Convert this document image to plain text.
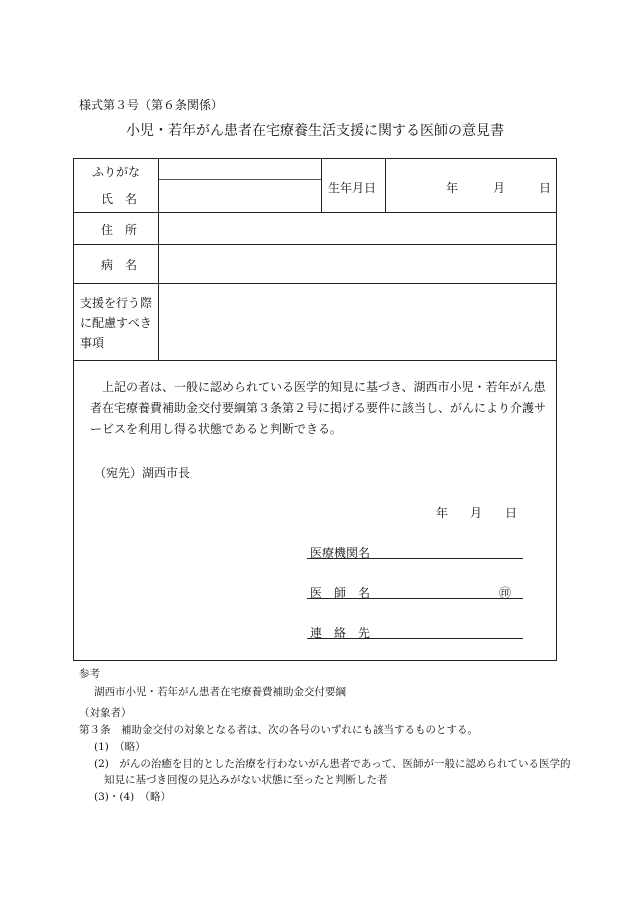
様式第３号（第６条関係）
小児・若年がん患者在宅療養生活支援に関する医師の意見書
ふりがな
氏　名
生年月日	年	月	日
住　所
病　名
支援を行う際
に配慮すべき
事項
上記の者は、一般に認められている医学的知見に基づき、湖西市小児・若年がん患者在宅療養費補助金交付要綱第３条第２号に掲げる要件に該当し、がんにより介護サービスを利用し得る状態であると判断できる。
（宛先）湖西市長
年 月 日
医療機関名
医　師　名	㊞
連　絡　先
参考
湖西市小児・若年がん患者在宅療養費補助金交付要綱
（対象者）
第３条　補助金交付の対象となる者は、次の各号のいずれにも該当するものとする。
(1)　（略）
(2)　がんの治癒を目的とした治療を行わないがん患者であって、医師が一般に認められている医学的
知見に基づき回復の見込みがない状態に至ったと判断した者
(3)・(4)　（略）
